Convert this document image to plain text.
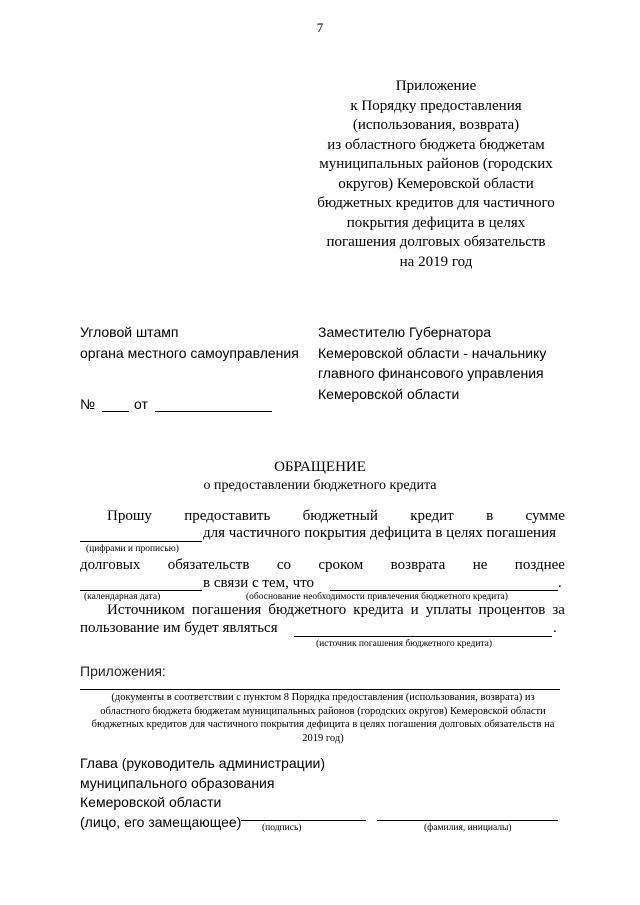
7
Приложение
к Порядку предоставления
(использования, возврата)
из областного бюджета бюджетам
муниципальных районов (городских
округов) Кемеровской области
бюджетных кредитов для частичного
покрытия дефицита в целях
погашения долговых обязательств
на 2019 год
Угловой штамп
органа местного самоуправления
Заместителю Губернатора
Кемеровской области - начальнику
главного финансового управления
Кемеровской области
№	от
ОБРАЩЕНИЕ
о предоставлении бюджетного кредита
Прошу предоставить бюджетный кредит в сумме
для частичного покрытия дефицита в целях погашения
(цифрами и прописью)
долговых обязательств со сроком возврата не позднее
в связи с тем, что	.
(календарная дата)	(обоснование необходимости привлечения бюджетного кредита)
Источником погашения бюджетного кредита и уплаты процентов за
пользование им будет являться	.
(источник погашения бюджетного кредита)
Приложения:
(документы в соответствии с пунктом 8 Порядка предоставления (использования, возврата) из
областного бюджета бюджетам муниципальных районов (городских округов) Кемеровской области
бюджетных кредитов для частичного покрытия дефицита в целях погашения долговых обязательств на
2019 год)
Глава (руководитель администрации)
муниципального образования
Кемеровской области
(лицо, его замещающее)	(подпись)	(фамилия, инициалы)
